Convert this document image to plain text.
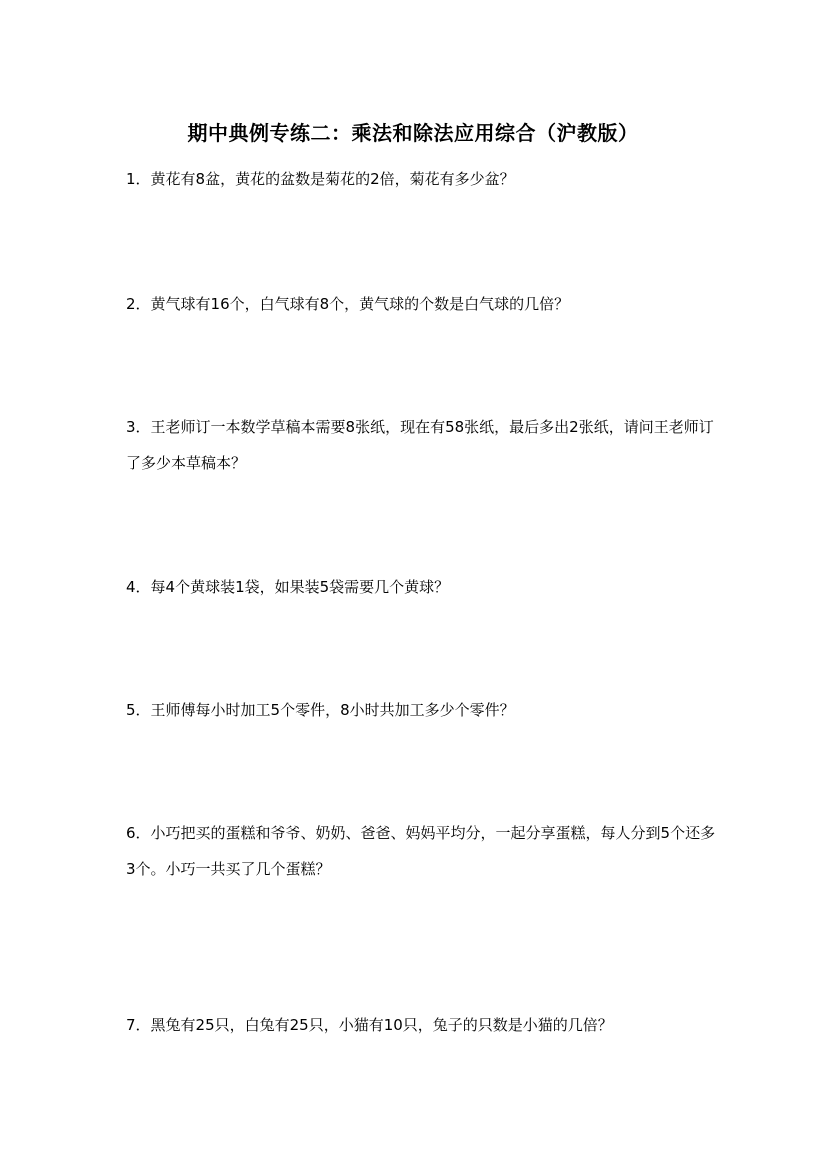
期中典例专练二：乘法和除法应用综合（沪教版）

1．黄花有8盆，黄花的盆数是菊花的2倍，菊花有多少盆？

2．黄气球有16个，白气球有8个，黄气球的个数是白气球的几倍？

3．王老师订一本数学草稿本需要8张纸，现在有58张纸，最后多出2张纸，请问王老师订了多少本草稿本？

4．每4个黄球装1袋，如果装5袋需要几个黄球？

5．王师傅每小时加工5个零件，8小时共加工多少个零件？

6．小巧把买的蛋糕和爷爷、奶奶、爸爸、妈妈平均分，一起分享蛋糕，每人分到5个还多3个。小巧一共买了几个蛋糕？

7．黑兔有25只，白兔有25只，小猫有10只，兔子的只数是小猫的几倍？
